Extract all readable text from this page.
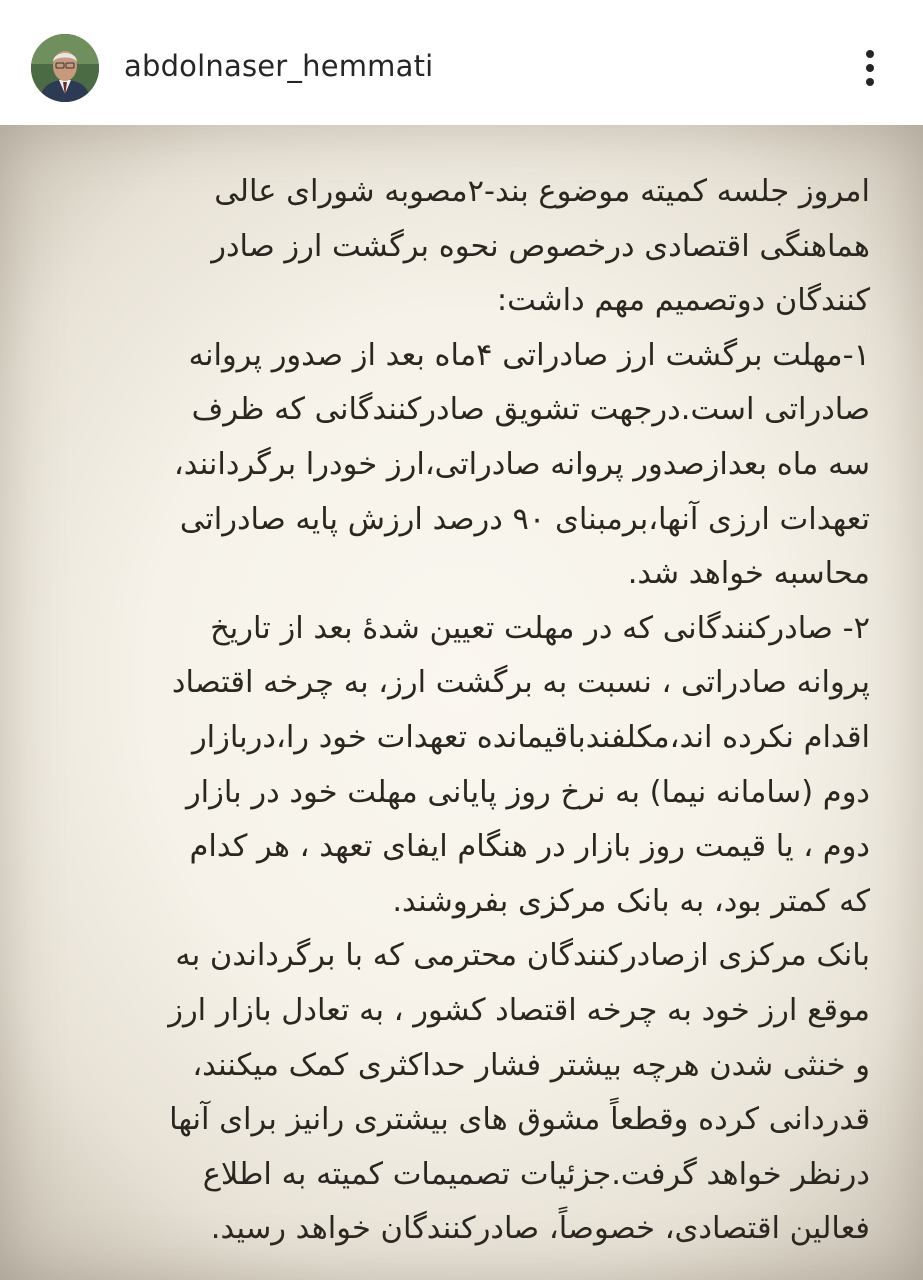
abdolnaser_hemmati
امروز جلسه کمیته موضوع بند-۲مصوبه شورای عالی
هماهنگی اقتصادی درخصوص نحوه برگشت ارز صادر
کنندگان دوتصمیم مهم داشت:
۱-مهلت برگشت ارز صادراتی ۴ماه بعد از صدور پروانه
صادراتی است.درجهت تشویق صادرکنندگانی که ظرف
سه ماه بعدازصدور پروانه صادراتی،ارز خودرا برگردانند،
تعهدات ارزی آنها،برمبنای ۹۰ درصد ارزش پایه صادراتی
محاسبه خواهد شد.
۲- صادرکنندگانی که در مهلت تعیین شدۀ بعد از تاریخ
پروانه صادراتی ، نسبت به برگشت ارز، به چرخه اقتصاد
اقدام نکرده اند،مکلفندباقیمانده تعهدات خود را،دربازار
دوم (سامانه نیما) به نرخ روز پایانی مهلت خود در بازار
دوم ، یا قیمت روز بازار در هنگام ایفای تعهد ، هر کدام
که کمتر بود، به بانک مرکزی بفروشند.
بانک مرکزی ازصادرکنندگان محترمی که با برگرداندن به
موقع ارز خود به چرخه اقتصاد کشور ، به تعادل بازار ارز
و خنثی شدن هرچه بیشتر فشار حداکثری کمک میکنند،
قدردانی کرده وقطعاً مشوق های بیشتری رانیز برای آنها
درنظر خواهد گرفت.جزئیات تصمیمات کمیته به اطلاع
فعالین اقتصادی، خصوصاً، صادرکنندگان خواهد رسید.
